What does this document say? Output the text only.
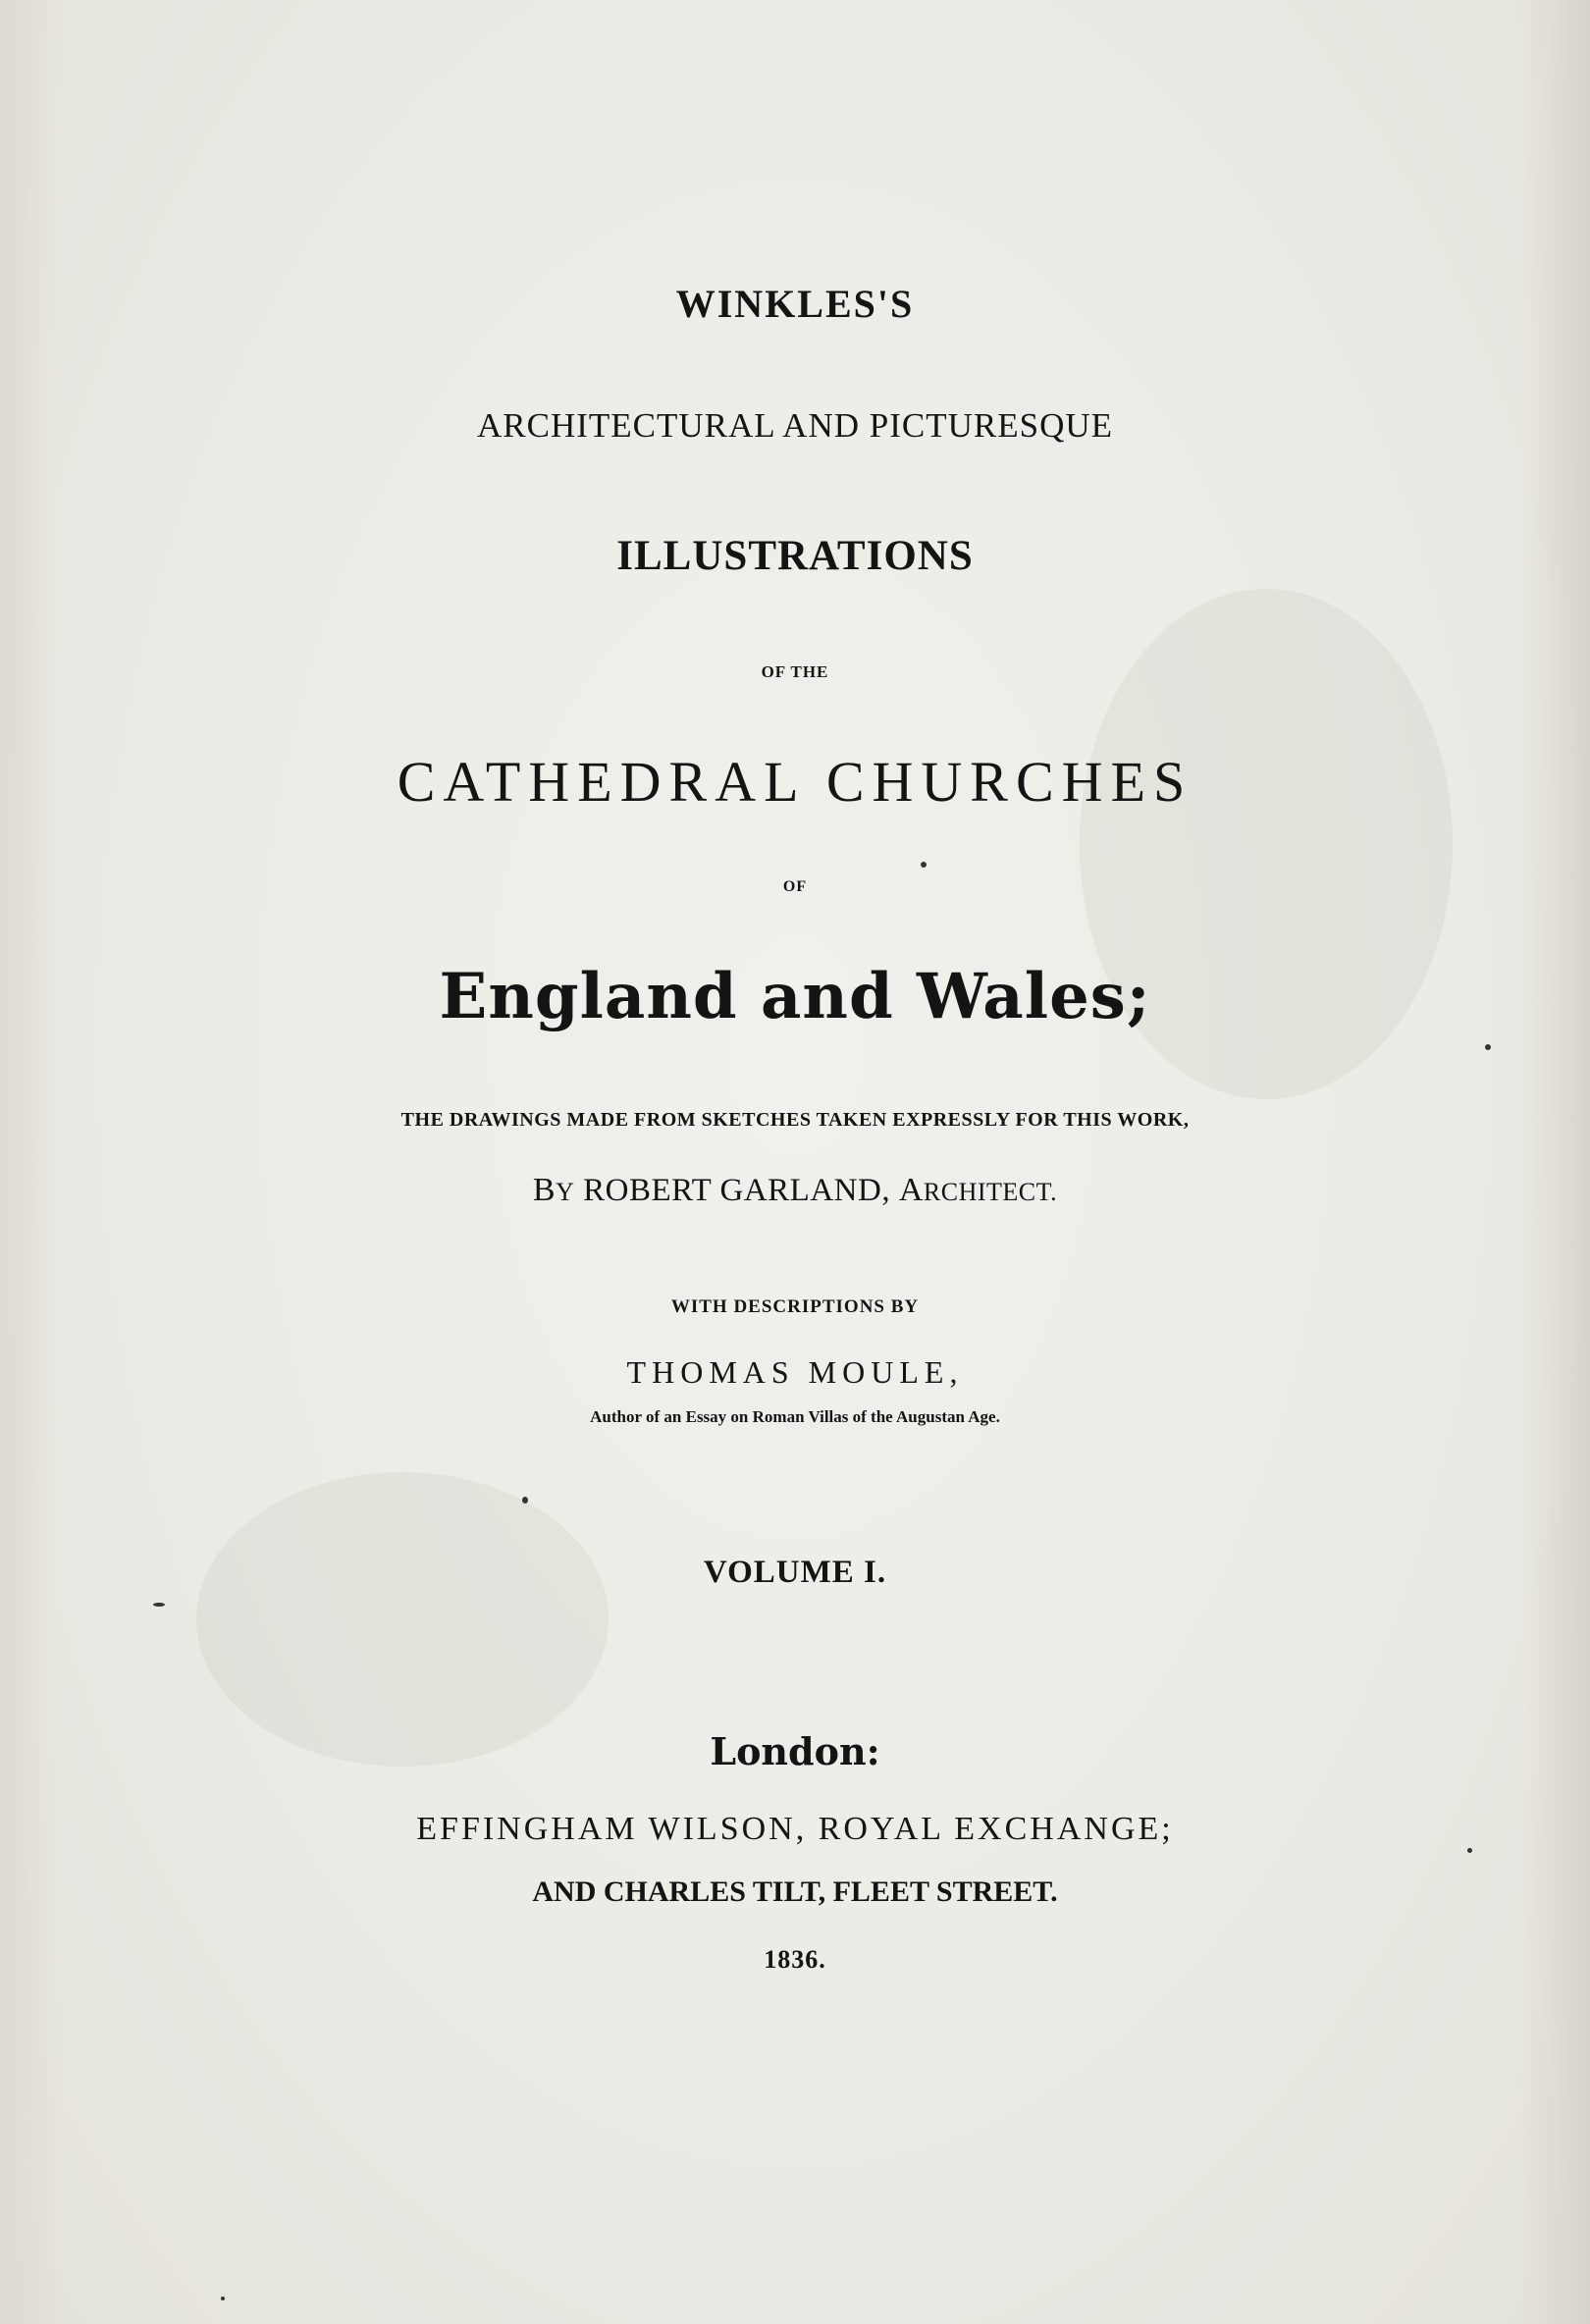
WINKLES'S
ARCHITECTURAL AND PICTURESQUE
ILLUSTRATIONS
OF THE
CATHEDRAL CHURCHES
OF
England and Wales;
THE DRAWINGS MADE FROM SKETCHES TAKEN EXPRESSLY FOR THIS WORK,
BY ROBERT GARLAND, ARCHITECT.
WITH DESCRIPTIONS BY
THOMAS MOULE,
Author of an Essay on Roman Villas of the Augustan Age.
VOLUME I.
London:
EFFINGHAM WILSON, ROYAL EXCHANGE;
AND CHARLES TILT, FLEET STREET.
1836.
